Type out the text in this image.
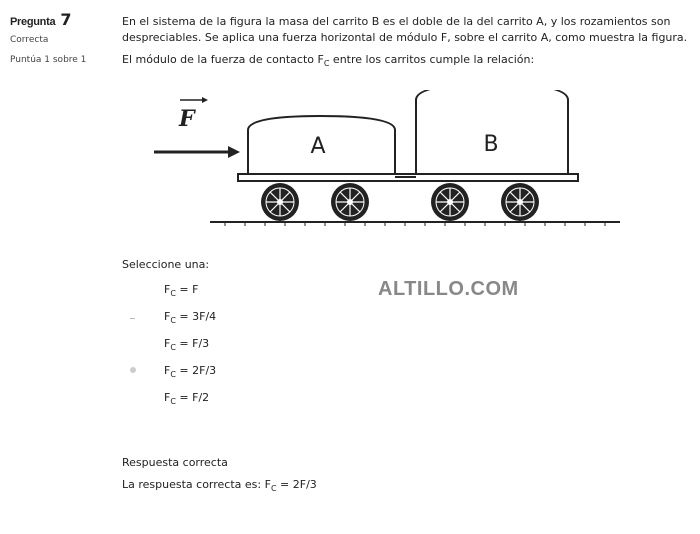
Pregunta 7
Correcta
Puntúa 1 sobre 1

En el sistema de la figura la masa del carrito B es el doble de la del carrito A, y los rozamientos son despreciables. Se aplica una fuerza horizontal de módulo F, sobre el carrito A, como muestra la figura.

El módulo de la fuerza de contacto $F_C$ entre los carritos cumple la relación:

F
A	B
Seleccione una:
$F_C = F$
$F_C = 3F/4$
$F_C = F/3$
$F_C = 2F/3$
$F_C = F/2$
ALTILLO.COM
Respuesta correcta
La respuesta correcta es: $F_C = 2F/3$
